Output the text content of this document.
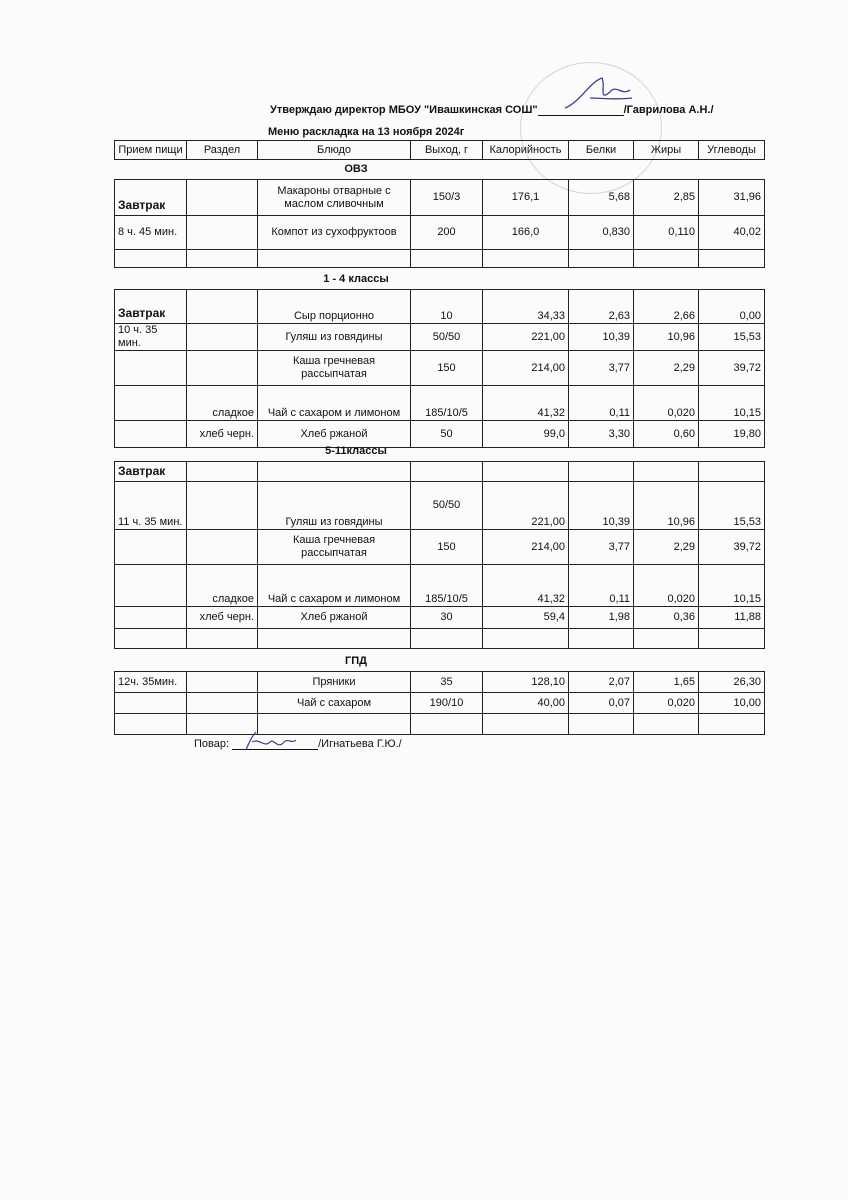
Утверждаю директор МБОУ "Ивашкинская СОШ"	/Гаврилова А.Н./
Меню раскладка на 13 ноября 2024г
Прием пищи	Раздел	Блюдо	Выход, г	Калорийность	Белки	Жиры	Углеводы
ОВЗ
Завтрак		Макароны отварные с маслом сливочным	150/3	176,1	5,68	2,85	31,96
8 ч. 45 мин.		Компот из сухофруктоов	200	166,0	0,830	0,110	40,02

1 - 4 классы
Завтрак		Сыр порционно	10	34,33	2,63	2,66	0,00
10 ч. 35 мин.		Гуляш из говядины	50/50	221,00	10,39	10,96	15,53
		Каша гречневая рассыпчатая	150	214,00	3,77	2,29	39,72
	сладкое	Чай с сахаром и лимоном	185/10/5	41,32	0,11	0,020	10,15
	хлеб черн.	Хлеб ржаной	50	99,0	3,30	0,60	19,80
5-11классы
Завтрак							
11 ч. 35 мин.		Гуляш из говядины	50/50	221,00	10,39	10,96	15,53
		Каша гречневая рассыпчатая	150	214,00	3,77	2,29	39,72
	сладкое	Чай с сахаром и лимоном	185/10/5	41,32	0,11	0,020	10,15
	хлеб черн.	Хлеб ржаной	30	59,4	1,98	0,36	11,88

ГПД
12ч. 35мин.		Пряники	35	128,10	2,07	1,65	26,30
		Чай с сахаром	190/10	40,00	0,07	0,020	10,00

Повар:	/Игнатьева Г.Ю./
